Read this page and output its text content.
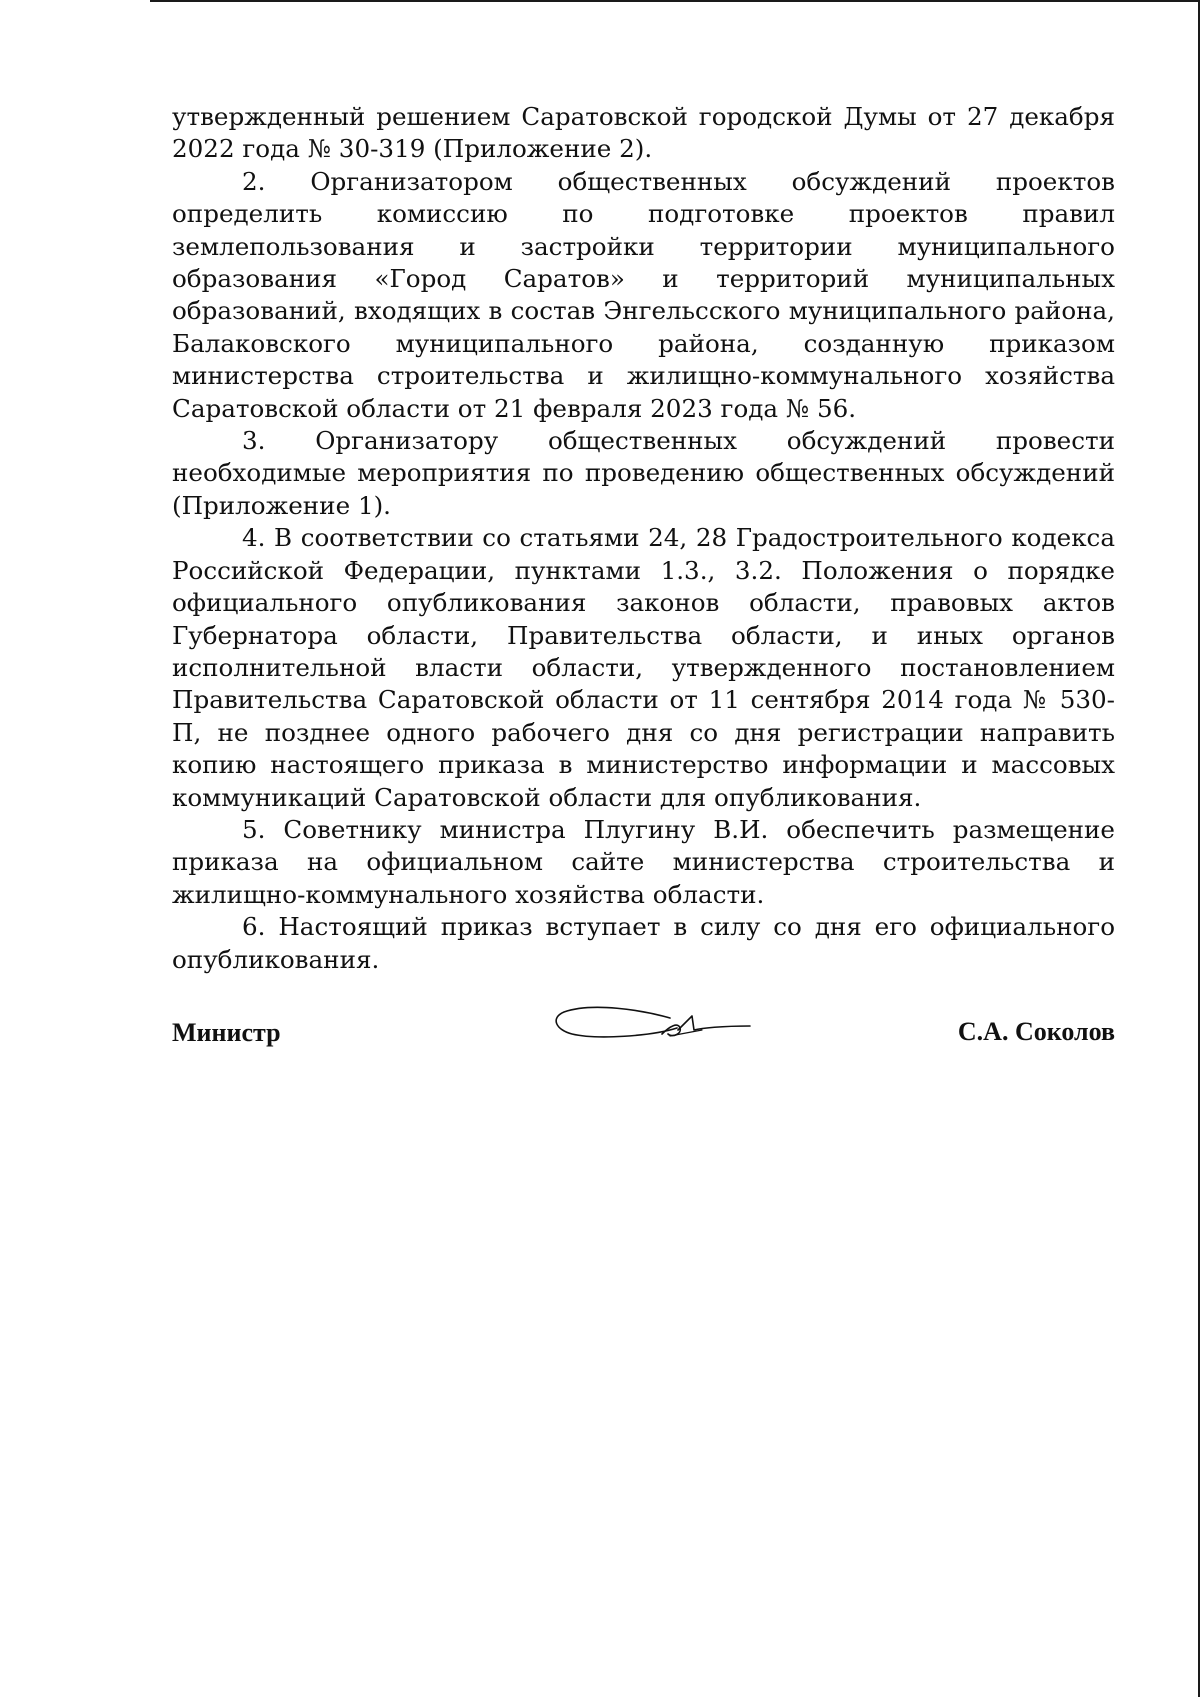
утвержденный решением Саратовской городской Думы от 27 декабря 2022 года № 30-319 (Приложение 2).

2. Организатором общественных обсуждений проектов определить комиссию по подготовке проектов правил землепользования и застройки территории муниципального образования «Город Саратов» и территорий муниципальных образований, входящих в состав Энгельсского муниципального района, Балаковского муниципального района, созданную приказом министерства строительства и жилищно-коммунального хозяйства Саратовской области от 21 февраля 2023 года № 56.

3. Организатору общественных обсуждений провести необходимые мероприятия по проведению общественных обсуждений (Приложение 1).

4. В соответствии со статьями 24, 28 Градостроительного кодекса Российской Федерации, пунктами 1.3., 3.2. Положения о порядке официального опубликования законов области, правовых актов Губернатора области, Правительства области, и иных органов исполнительной власти области, утвержденного постановлением Правительства Саратовской области от 11 сентября 2014 года № 530-П, не позднее одного рабочего дня со дня регистрации направить копию настоящего приказа в министерство информации и массовых коммуникаций Саратовской области для опубликования.

5. Советнику министра Плугину В.И. обеспечить размещение приказа на официальном сайте министерства строительства и жилищно-коммунального хозяйства области.

6. Настоящий приказ вступает в силу со дня его официального опубликования.

Министр	С.А. Соколов
